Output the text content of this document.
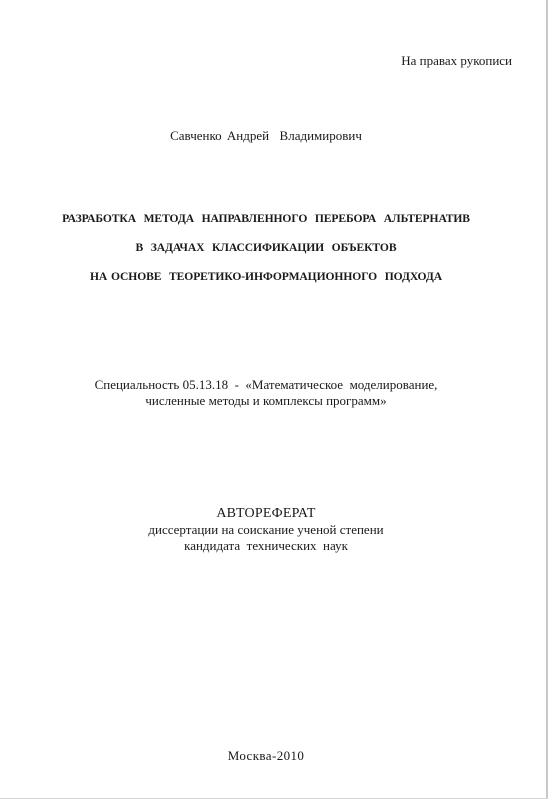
На правах рукописи
Савченко Андрей  Владимирович
РАЗРАБОТКА  МЕТОДА  НАПРАВЛЕННОГО  ПЕРЕБОРА  АЛЬТЕРНАТИВ
В  ЗАДАЧАХ  КЛАССИФИКАЦИИ  ОБЪЕКТОВ
НА ОСНОВЕ  ТЕОРЕТИКО-ИНФОРМАЦИОННОГО  ПОДХОДА
Специальность 05.13.18  -  «Математическое  моделирование,
численные методы и комплексы программ»
АВТОРЕФЕРАТ
диссертации на соискание ученой степени
кандидата  технических  наук
Москва-2010
